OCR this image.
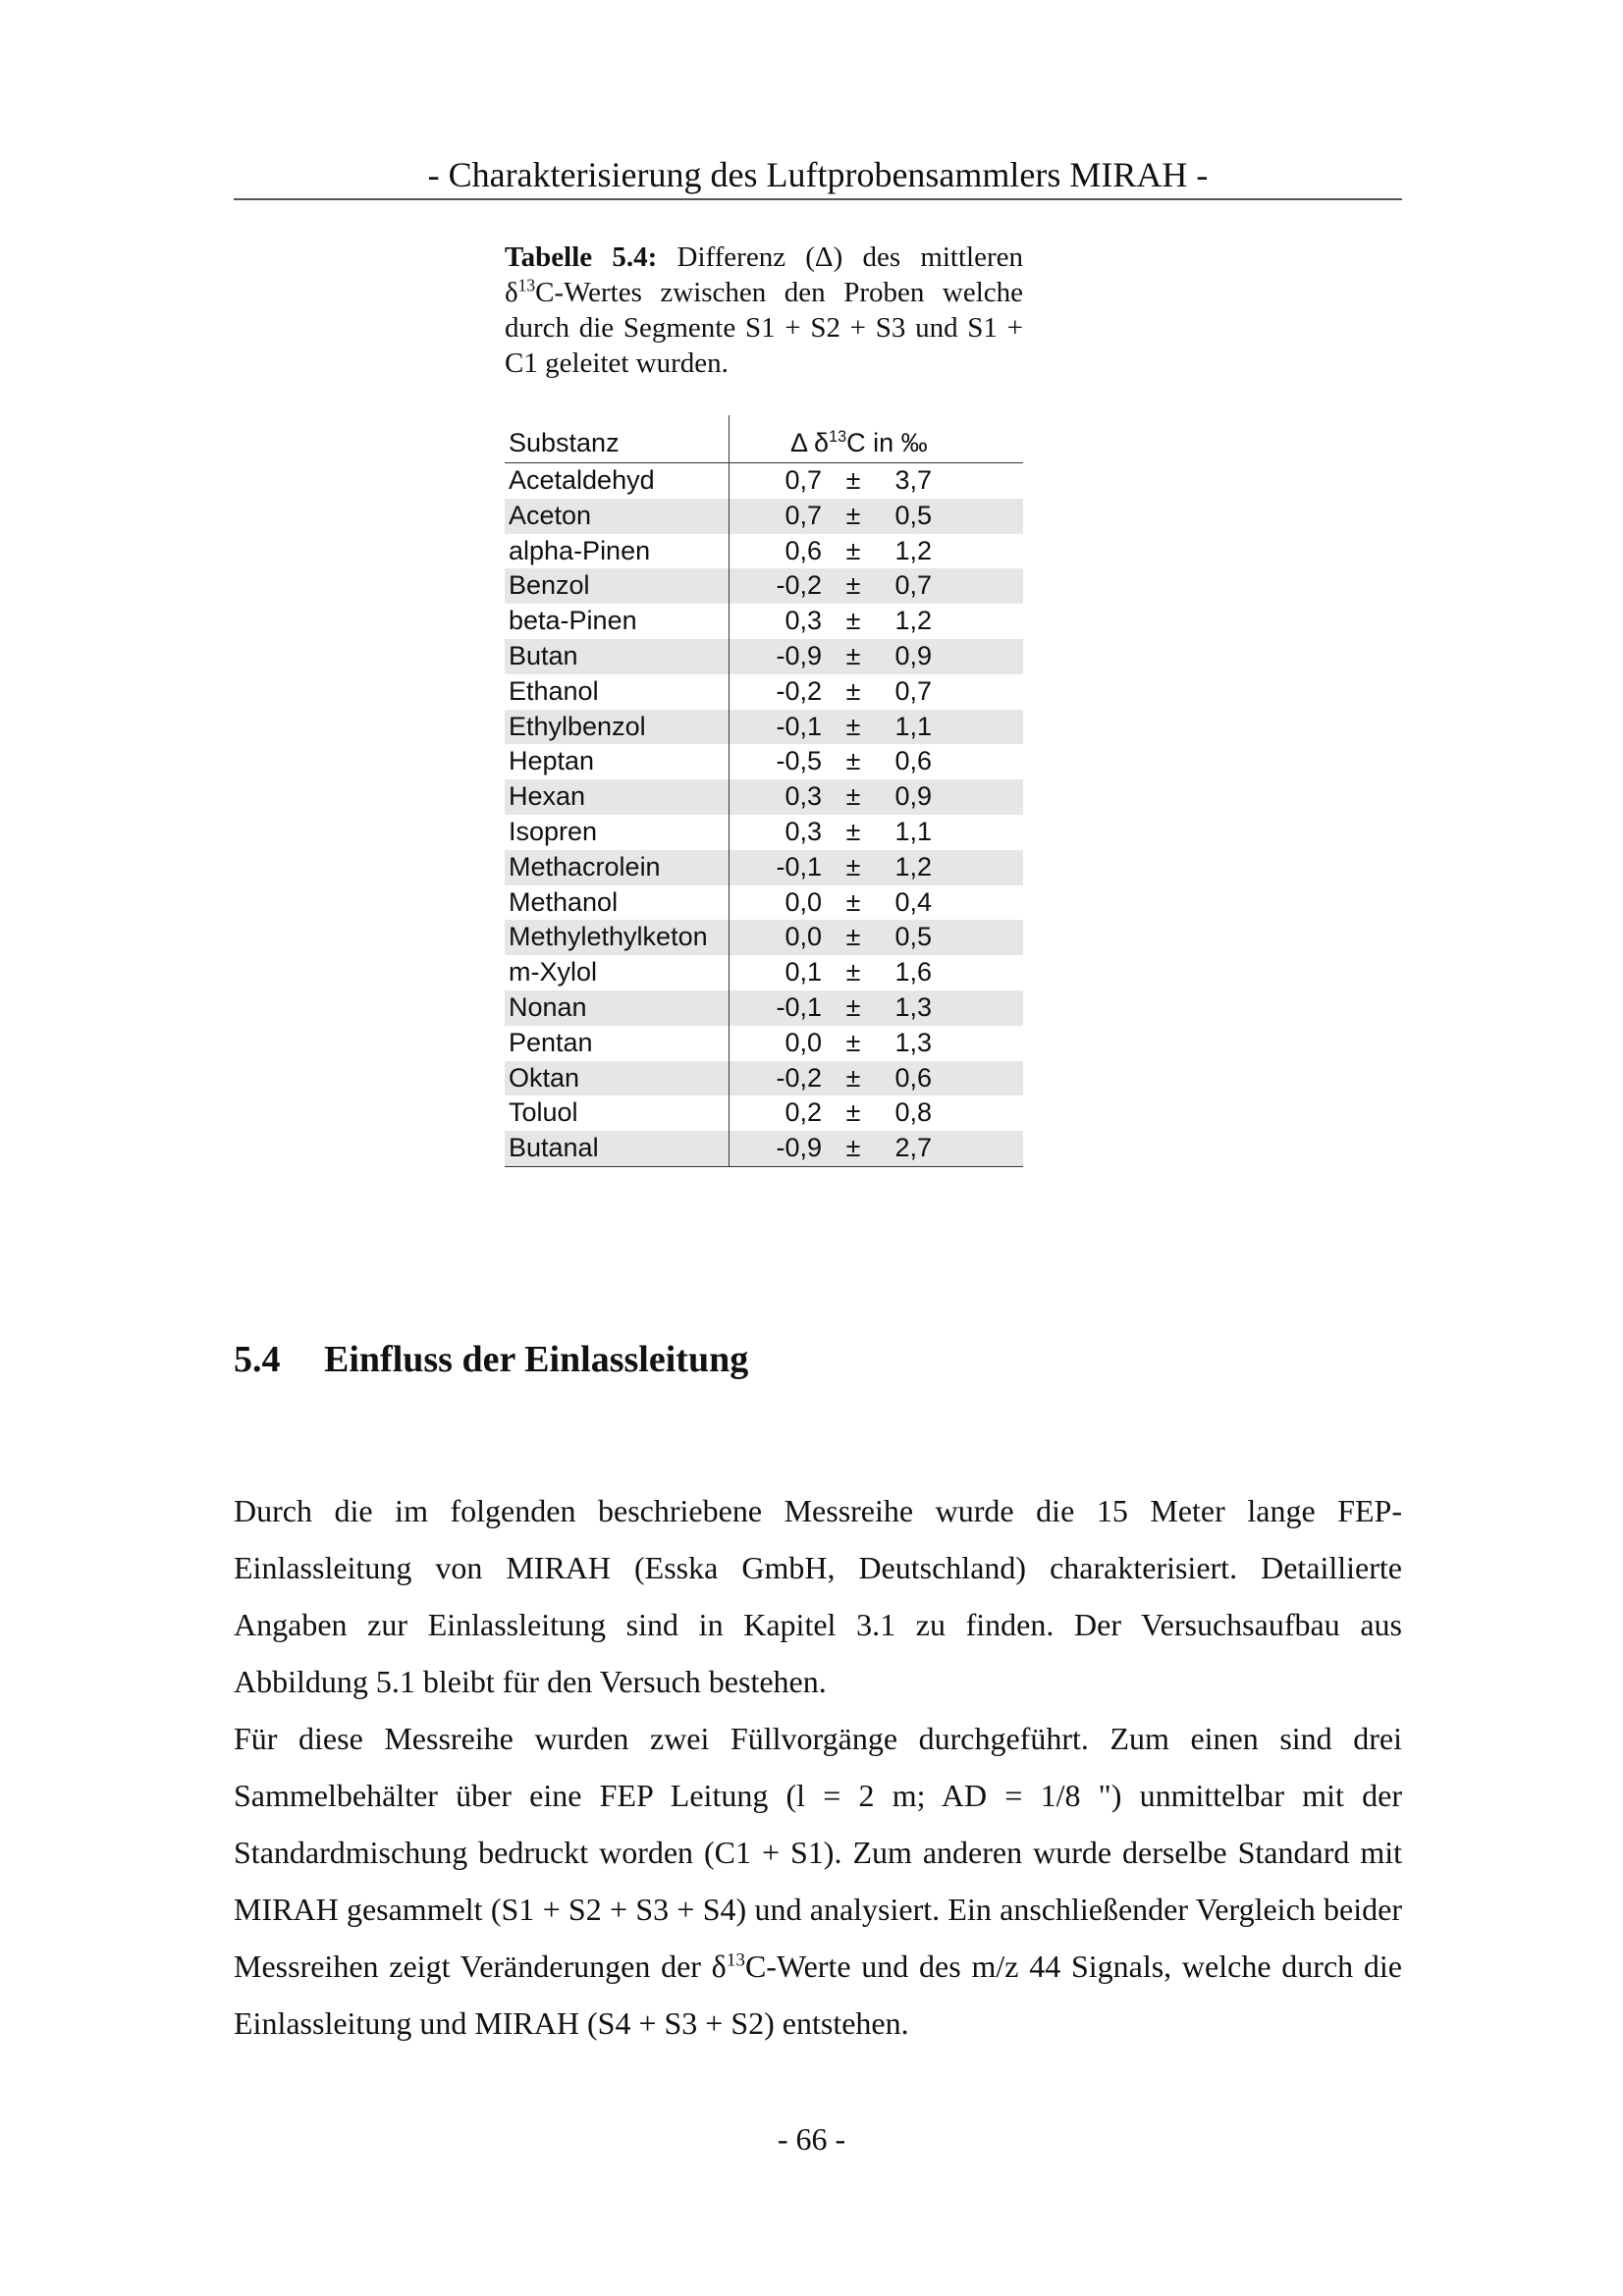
- Charakterisierung des Luftprobensammlers MIRAH -
Tabelle 5.4: Differenz (Δ) des mittleren $\delta^{13}C$-Wertes zwischen den Proben welche durch die Segmente S1 + S2 + S3 und S1 + C1 geleitet wurden.
Substanz	Δ $\delta^{13}C$ in ‰			
Acetaldehyd	0,7	±	3,7	
Aceton	0,7	±	0,5	
alpha-Pinen	0,6	±	1,2	
Benzol	-0,2	±	0,7	
beta-Pinen	0,3	±	1,2	
Butan	-0,9	±	0,9	
Ethanol	-0,2	±	0,7	
Ethylbenzol	-0,1	±	1,1	
Heptan	-0,5	±	0,6	
Hexan	0,3	±	0,9	
Isopren	0,3	±	1,1	
Methacrolein	-0,1	±	1,2	
Methanol	0,0	±	0,4	
Methylethylketon	0,0	±	0,5	
m-Xylol	0,1	±	1,6	
Nonan	-0,1	±	1,3	
Pentan	0,0	±	1,3	
Oktan	-0,2	±	0,6	
Toluol	0,2	±	0,8	
Butanal	-0,9	±	2,7	
5.4 Einfluss der Einlassleitung

Durch die im folgenden beschriebene Messreihe wurde die 15 Meter lange FEP-Einlassleitung von MIRAH (Esska GmbH, Deutschland) charakterisiert. Detaillierte Angaben zur Einlassleitung sind in Kapitel 3.1 zu finden. Der Versuchsaufbau aus Abbildung 5.1 bleibt für den Versuch bestehen.

Für diese Messreihe wurden zwei Füllvorgänge durchgeführt. Zum einen sind drei Sammelbehälter über eine FEP Leitung (l = 2 m; AD = 1/8 ") unmittelbar mit der Standardmischung bedruckt worden (C1 + S1). Zum anderen wurde derselbe Standard mit MIRAH gesammelt (S1 + S2 + S3 + S4) und analysiert. Ein anschließender Vergleich beider Messreihen zeigt Veränderungen der $\delta^{13}C$-Werte und des m/z 44 Signals, welche durch die Einlassleitung und MIRAH (S4 + S3 + S2) entstehen.

- 66 -
